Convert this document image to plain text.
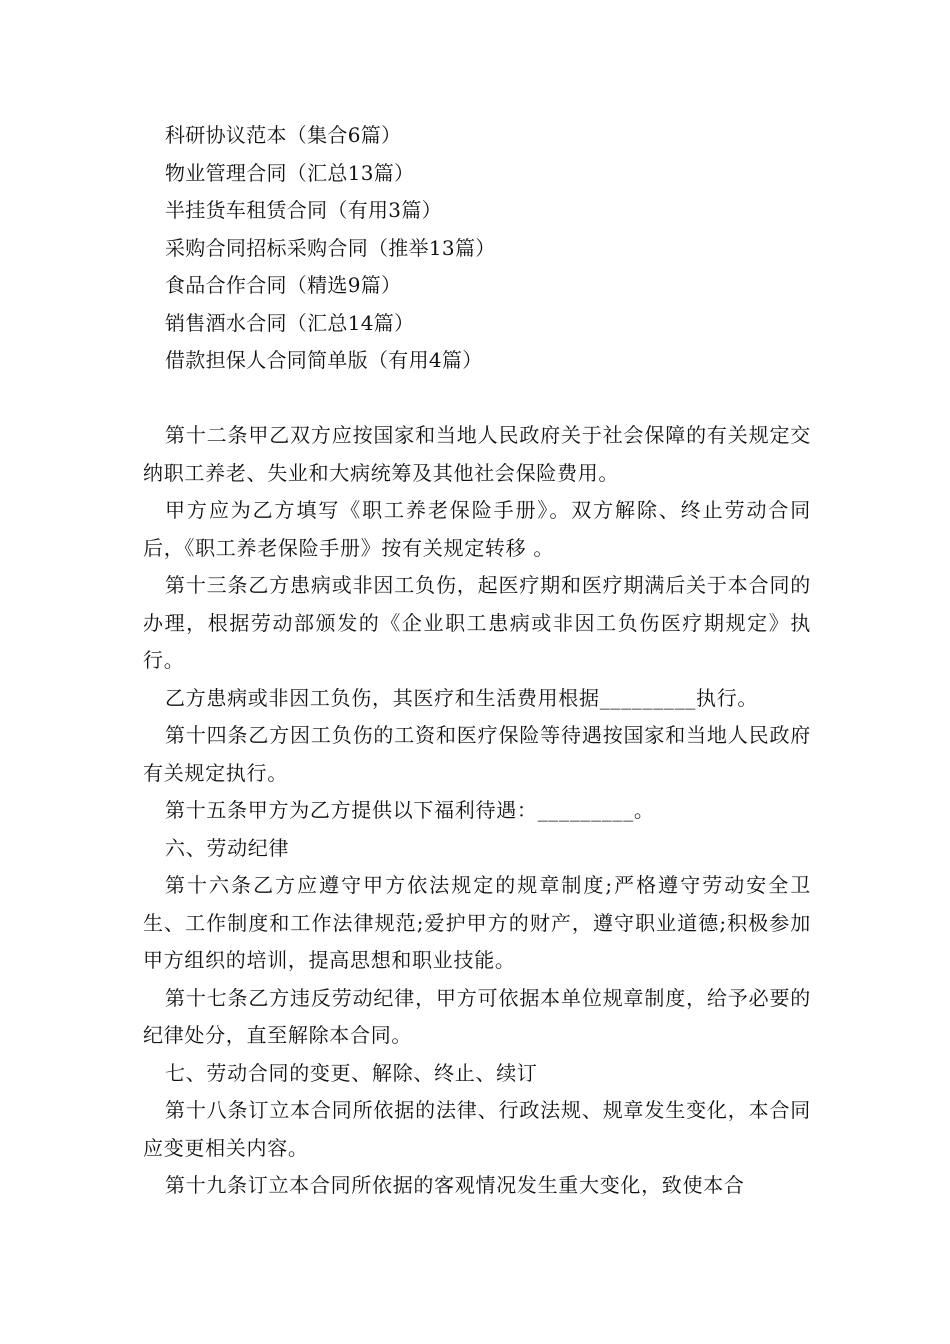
科研协议范本（集合6篇）
物业管理合同（汇总13篇）
半挂货车租赁合同（有用3篇）
采购合同招标采购合同（推举13篇）
食品合作合同（精选9篇）
销售酒水合同（汇总14篇）
借款担保人合同简单版（有用4篇）

第十二条甲乙双方应按国家和当地人民政府关于社会保障的有关规定交纳职工养老、失业和大病统筹及其他社会保险费用。

甲方应为乙方填写《职工养老保险手册》。双方解除、终止劳动合同后，《职工养老保险手册》按有关规定转移 。

第十三条乙方患病或非因工负伤，起医疗期和医疗期满后关于本合同的办理，根据劳动部颁发的《企业职工患病或非因工负伤医疗期规定》执行。

乙方患病或非因工负伤，其医疗和生活费用根据_________执行。

第十四条乙方因工负伤的工资和医疗保险等待遇按国家和当地人民政府有关规定执行。

第十五条甲方为乙方提供以下福利待遇：_________。

六、劳动纪律

第十六条乙方应遵守甲方依法规定的规章制度;严格遵守劳动安全卫生、工作制度和工作法律规范;爱护甲方的财产，遵守职业道德;积极参加甲方组织的培训，提高思想和职业技能。

第十七条乙方违反劳动纪律，甲方可依据本单位规章制度，给予必要的纪律处分，直至解除本合同。

七、劳动合同的变更、解除、终止、续订

第十八条订立本合同所依据的法律、行政法规、规章发生变化，本合同应变更相关内容。

第十九条订立本合同所依据的客观情况发生重大变化，致使本合
